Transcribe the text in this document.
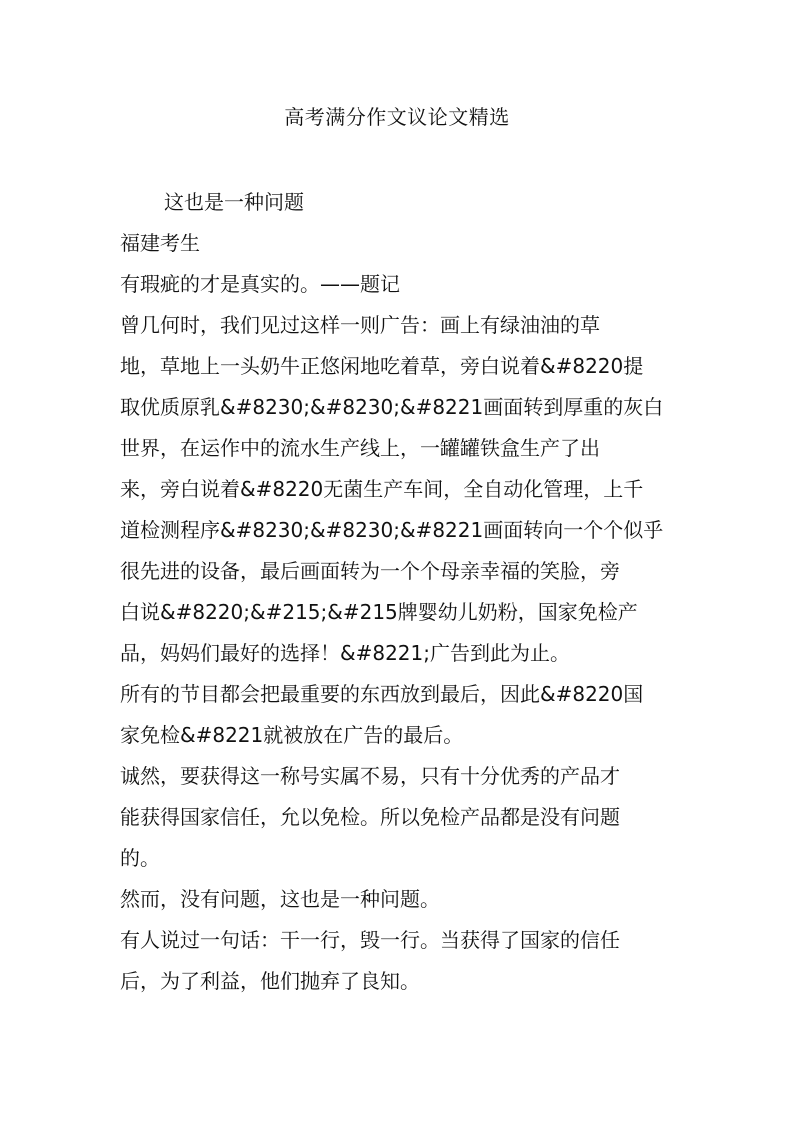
高考满分作文议论文精选
这也是一种问题
福建考生
有瑕疵的才是真实的。——题记
曾几何时，我们见过这样一则广告：画上有绿油油的草
地，草地上一头奶牛正悠闲地吃着草，旁白说着&#8220提
取优质原乳&#8230;&#8230;&#8221画面转到厚重的灰白
世界，在运作中的流水生产线上，一罐罐铁盒生产了出
来，旁白说着&#8220无菌生产车间，全自动化管理，上千
道检测程序&#8230;&#8230;&#8221画面转向一个个似乎
很先进的设备，最后画面转为一个个母亲幸福的笑脸，旁
白说&#8220;&#215;&#215牌婴幼儿奶粉，国家免检产
品，妈妈们最好的选择！&#8221;广告到此为止。
所有的节目都会把最重要的东西放到最后，因此&#8220国
家免检&#8221就被放在广告的最后。
诚然，要获得这一称号实属不易，只有十分优秀的产品才
能获得国家信任，允以免检。所以免检产品都是没有问题
的。
然而，没有问题，这也是一种问题。
有人说过一句话：干一行，毁一行。当获得了国家的信任
后，为了利益，他们抛弃了良知。
